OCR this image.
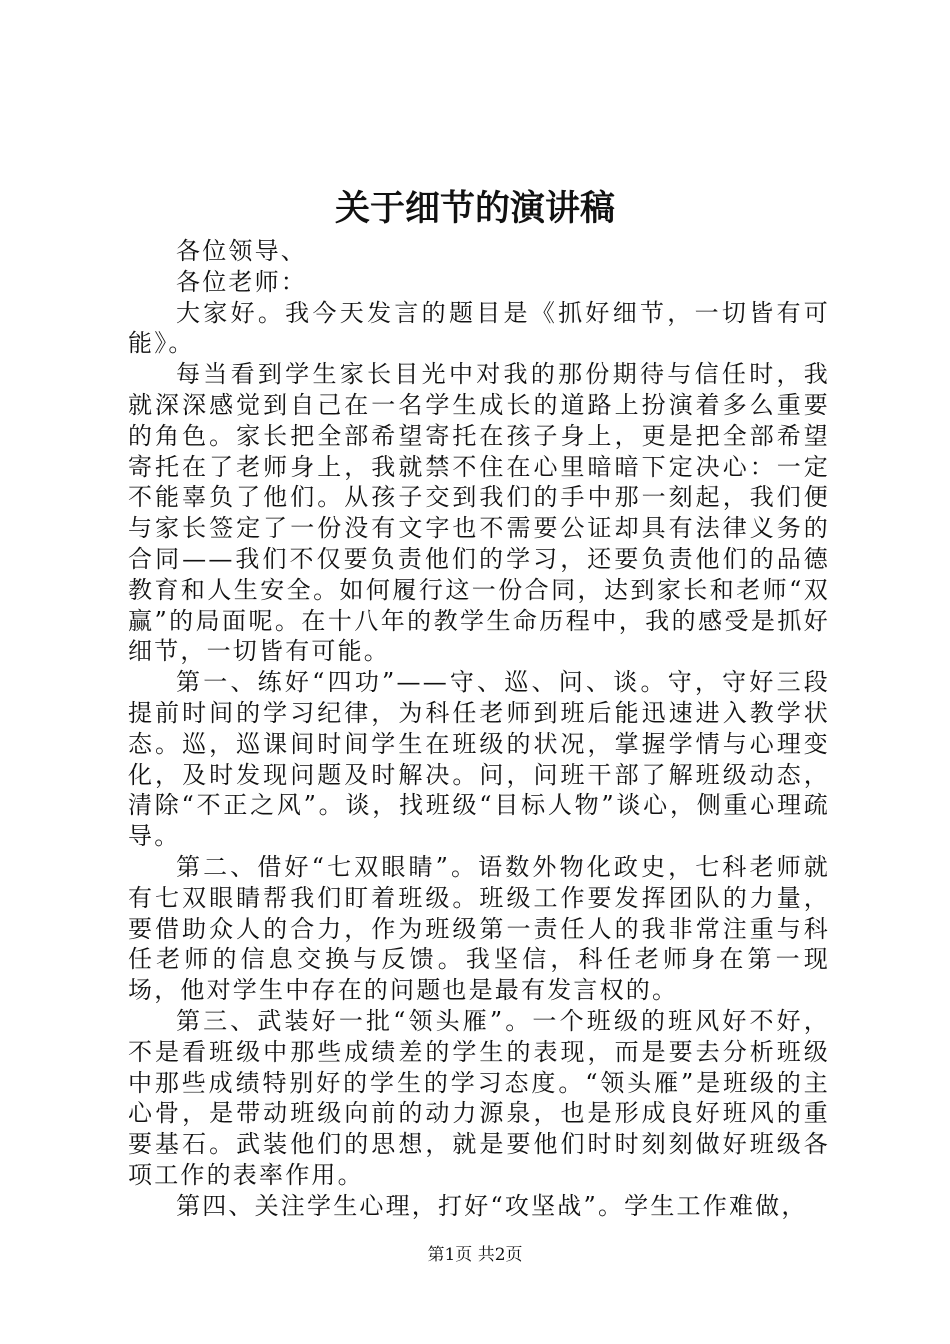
关于细节的演讲稿

各位领导、

各位老师：

大家好。我今天发言的题目是《抓好细节，一切皆有可能》。

每当看到学生家长目光中对我的那份期待与信任时，我就深深感觉到自己在一名学生成长的道路上扮演着多么重要的角色。家长把全部希望寄托在孩子身上，更是把全部希望寄托在了老师身上，我就禁不住在心里暗暗下定决心：一定不能辜负了他们。从孩子交到我们的手中那一刻起，我们便与家长签定了一份没有文字也不需要公证却具有法律义务的合同——我们不仅要负责他们的学习，还要负责他们的品德教育和人生安全。如何履行这一份合同，达到家长和老师“双赢”的局面呢。在十八年的教学生命历程中，我的感受是抓好细节，一切皆有可能。

第一、练好“四功”——守、巡、问、谈。守，守好三段提前时间的学习纪律，为科任老师到班后能迅速进入教学状态。巡，巡课间时间学生在班级的状况，掌握学情与心理变化，及时发现问题及时解决。问，问班干部了解班级动态，清除“不正之风”。谈，找班级“目标人物”谈心，侧重心理疏导。

第二、借好“七双眼睛”。语数外物化政史，七科老师就有七双眼睛帮我们盯着班级。班级工作要发挥团队的力量，要借助众人的合力，作为班级第一责任人的我非常注重与科任老师的信息交换与反馈。我坚信，科任老师身在第一现场，他对学生中存在的问题也是最有发言权的。

第三、武装好一批“领头雁”。一个班级的班风好不好，不是看班级中那些成绩差的学生的表现，而是要去分析班级中那些成绩特别好的学生的学习态度。“领头雁”是班级的主心骨，是带动班级向前的动力源泉，也是形成良好班风的重要基石。武装他们的思想，就是要他们时时刻刻做好班级各项工作的表率作用。

第四、关注学生心理，打好“攻坚战”。学生工作难做，

第1页 共2页
